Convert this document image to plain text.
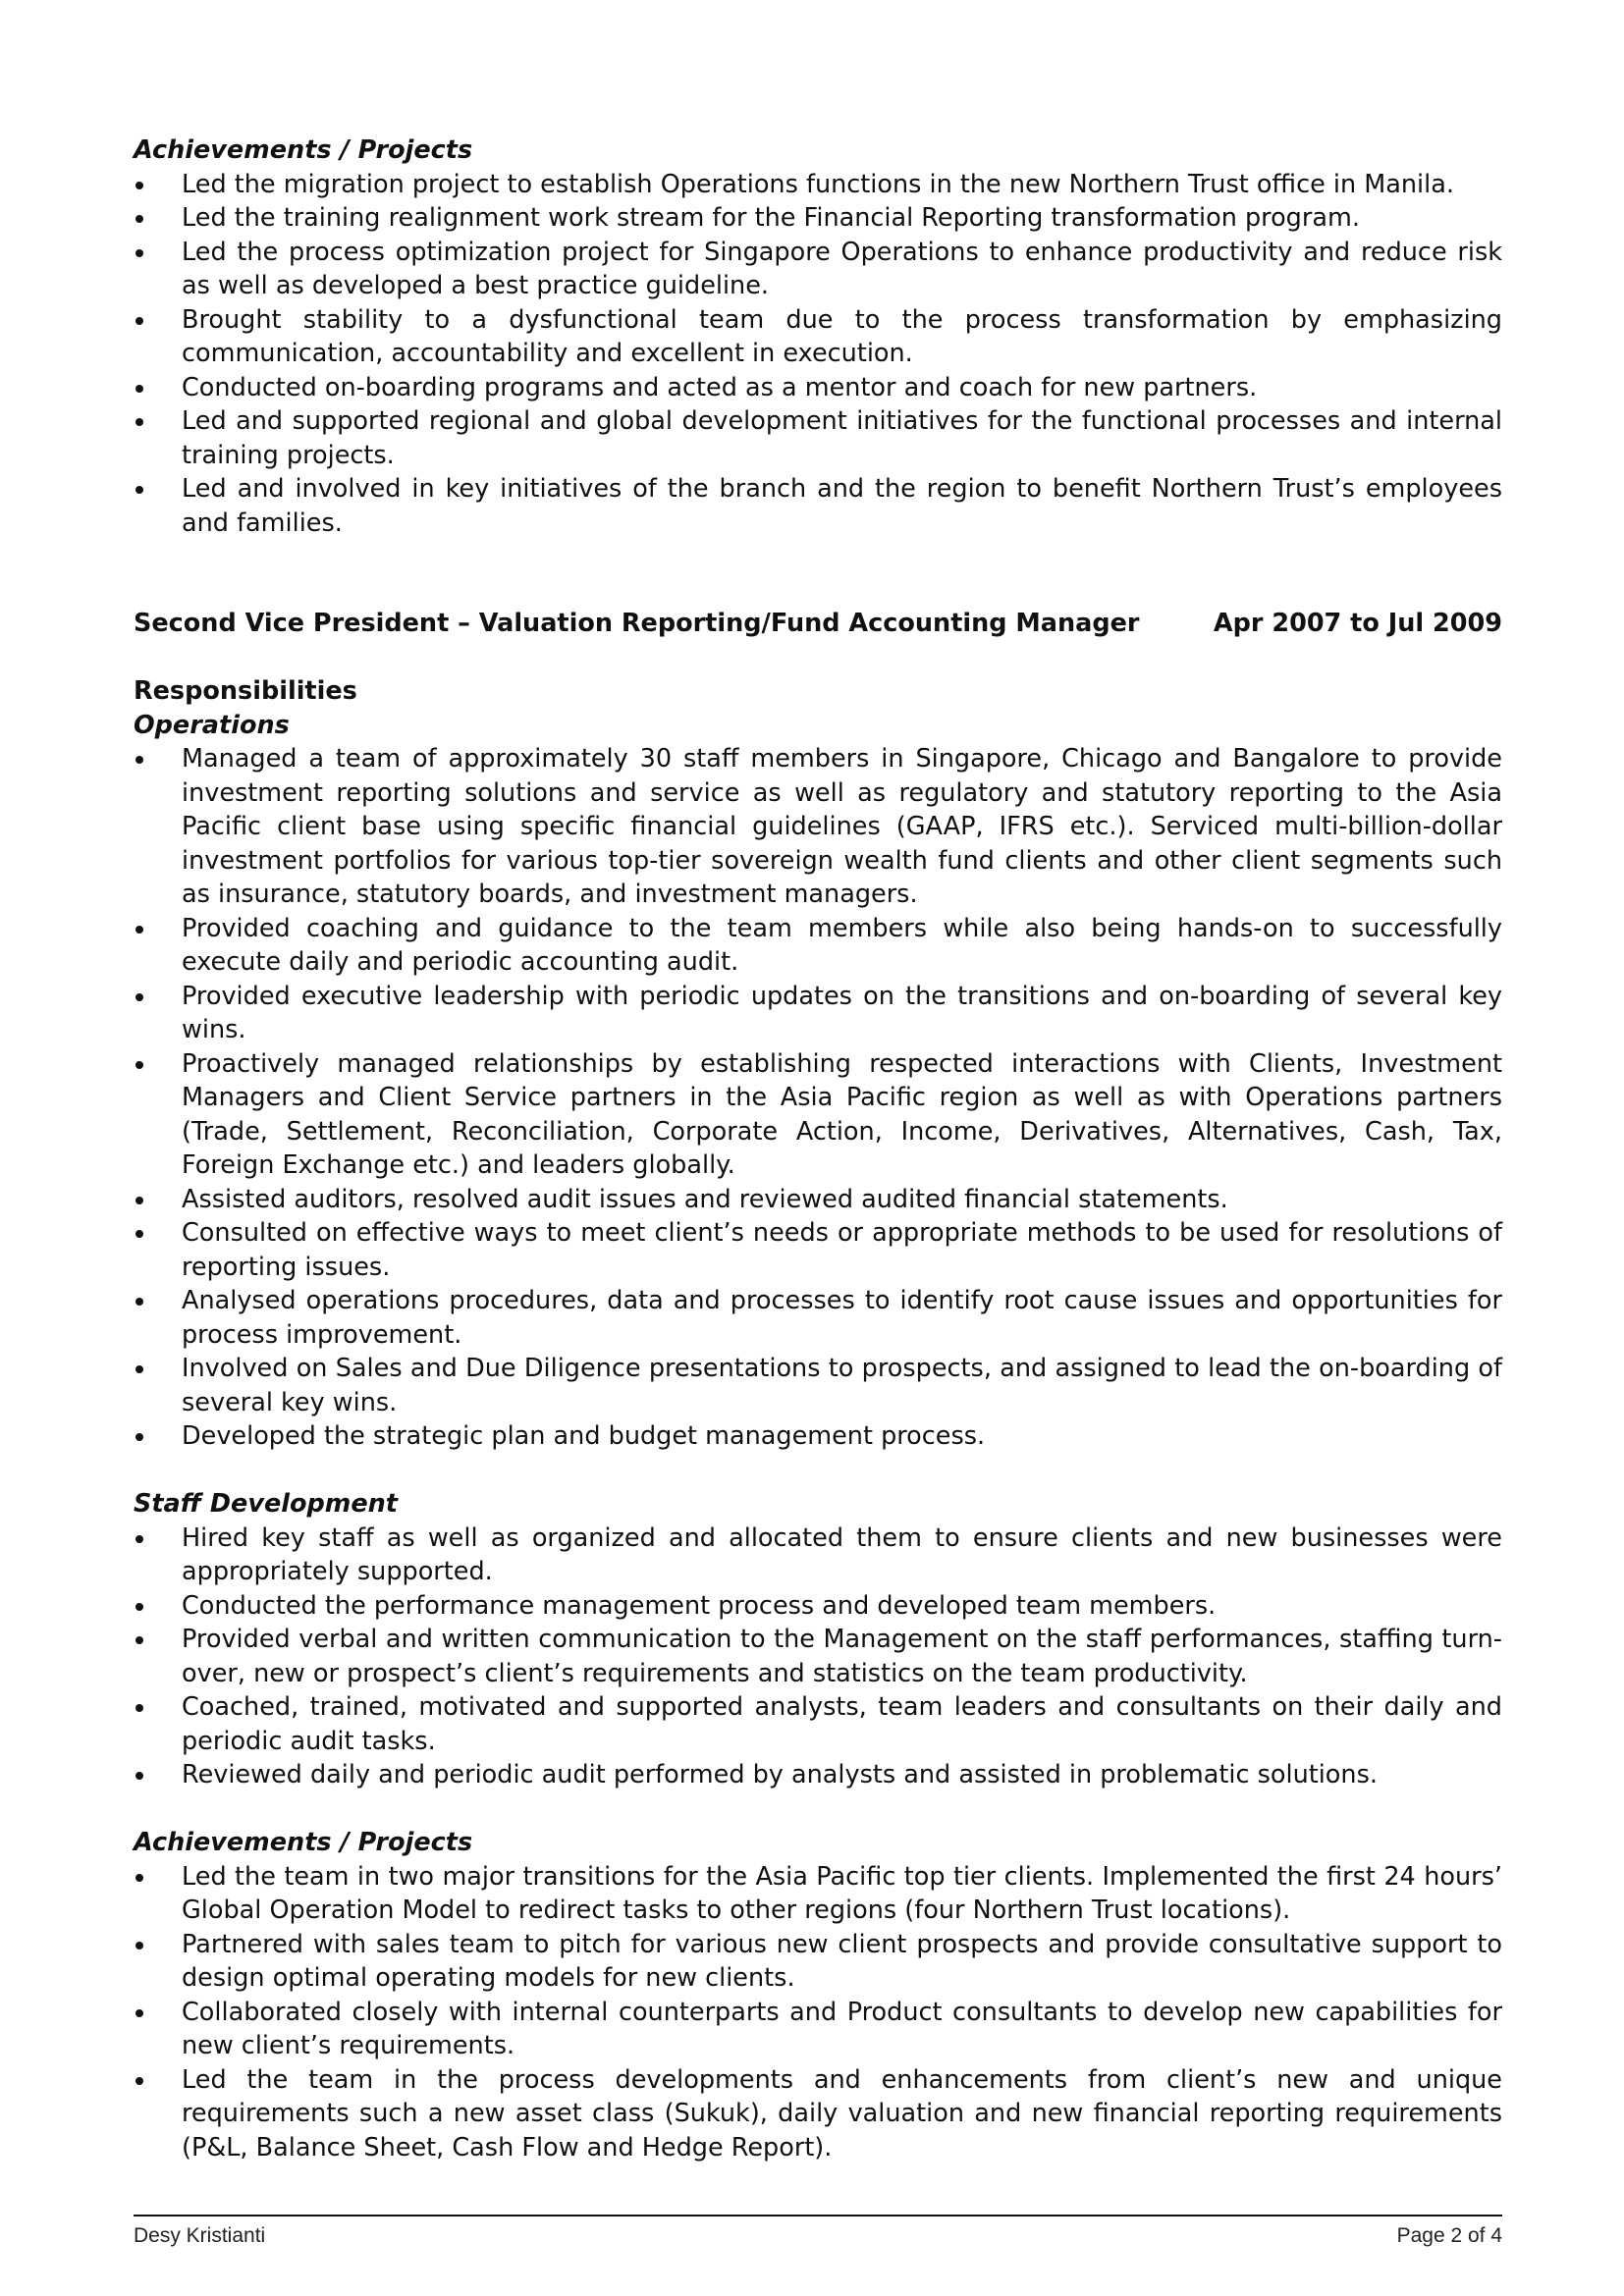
Achievements / Projects

Led the migration project to establish Operations functions in the new Northern Trust office in Manila.
Led the training realignment work stream for the Financial Reporting transformation program.
Led the process optimization project for Singapore Operations to enhance productivity and reduce risk as well as developed a best practice guideline.
Brought stability to a dysfunctional team due to the process transformation by emphasizing communication, accountability and excellent in execution.
Conducted on-boarding programs and acted as a mentor and coach for new partners.
Led and supported regional and global development initiatives for the functional processes and internal training projects.
Led and involved in key initiatives of the branch and the region to benefit Northern Trust’s employees and families.

Second Vice President – Valuation Reporting/Fund Accounting Manager	Apr 2007 to Jul 2009

Responsibilities

Operations

Managed a team of approximately 30 staff members in Singapore, Chicago and Bangalore to provide investment reporting solutions and service as well as regulatory and statutory reporting to the Asia Pacific client base using specific financial guidelines (GAAP, IFRS etc.). Serviced multi-billion-dollar investment portfolios for various top-tier sovereign wealth fund clients and other client segments such as insurance, statutory boards, and investment managers.
Provided coaching and guidance to the team members while also being hands-on to successfully execute daily and periodic accounting audit.
Provided executive leadership with periodic updates on the transitions and on-boarding of several key wins.
Proactively managed relationships by establishing respected interactions with Clients, Investment Managers and Client Service partners in the Asia Pacific region as well as with Operations partners (Trade, Settlement, Reconciliation, Corporate Action, Income, Derivatives, Alternatives, Cash, Tax, Foreign Exchange etc.) and leaders globally.
Assisted auditors, resolved audit issues and reviewed audited financial statements.
Consulted on effective ways to meet client’s needs or appropriate methods to be used for resolutions of reporting issues.
Analysed operations procedures, data and processes to identify root cause issues and opportunities for process improvement.
Involved on Sales and Due Diligence presentations to prospects, and assigned to lead the on-boarding of several key wins.
Developed the strategic plan and budget management process.

Staff Development

Hired key staff as well as organized and allocated them to ensure clients and new businesses were appropriately supported.
Conducted the performance management process and developed team members.
Provided verbal and written communication to the Management on the staff performances, staffing turn-over, new or prospect’s client’s requirements and statistics on the team productivity.
Coached, trained, motivated and supported analysts, team leaders and consultants on their daily and periodic audit tasks.
Reviewed daily and periodic audit performed by analysts and assisted in problematic solutions.

Achievements / Projects

Led the team in two major transitions for the Asia Pacific top tier clients. Implemented the first 24 hours’ Global Operation Model to redirect tasks to other regions (four Northern Trust locations).
Partnered with sales team to pitch for various new client prospects and provide consultative support to design optimal operating models for new clients.
Collaborated closely with internal counterparts and Product consultants to develop new capabilities for new client’s requirements.
Led the team in the process developments and enhancements from client’s new and unique requirements such a new asset class (Sukuk), daily valuation and new financial reporting requirements (P&L, Balance Sheet, Cash Flow and Hedge Report).
Desy Kristianti	Page 2 of 4
